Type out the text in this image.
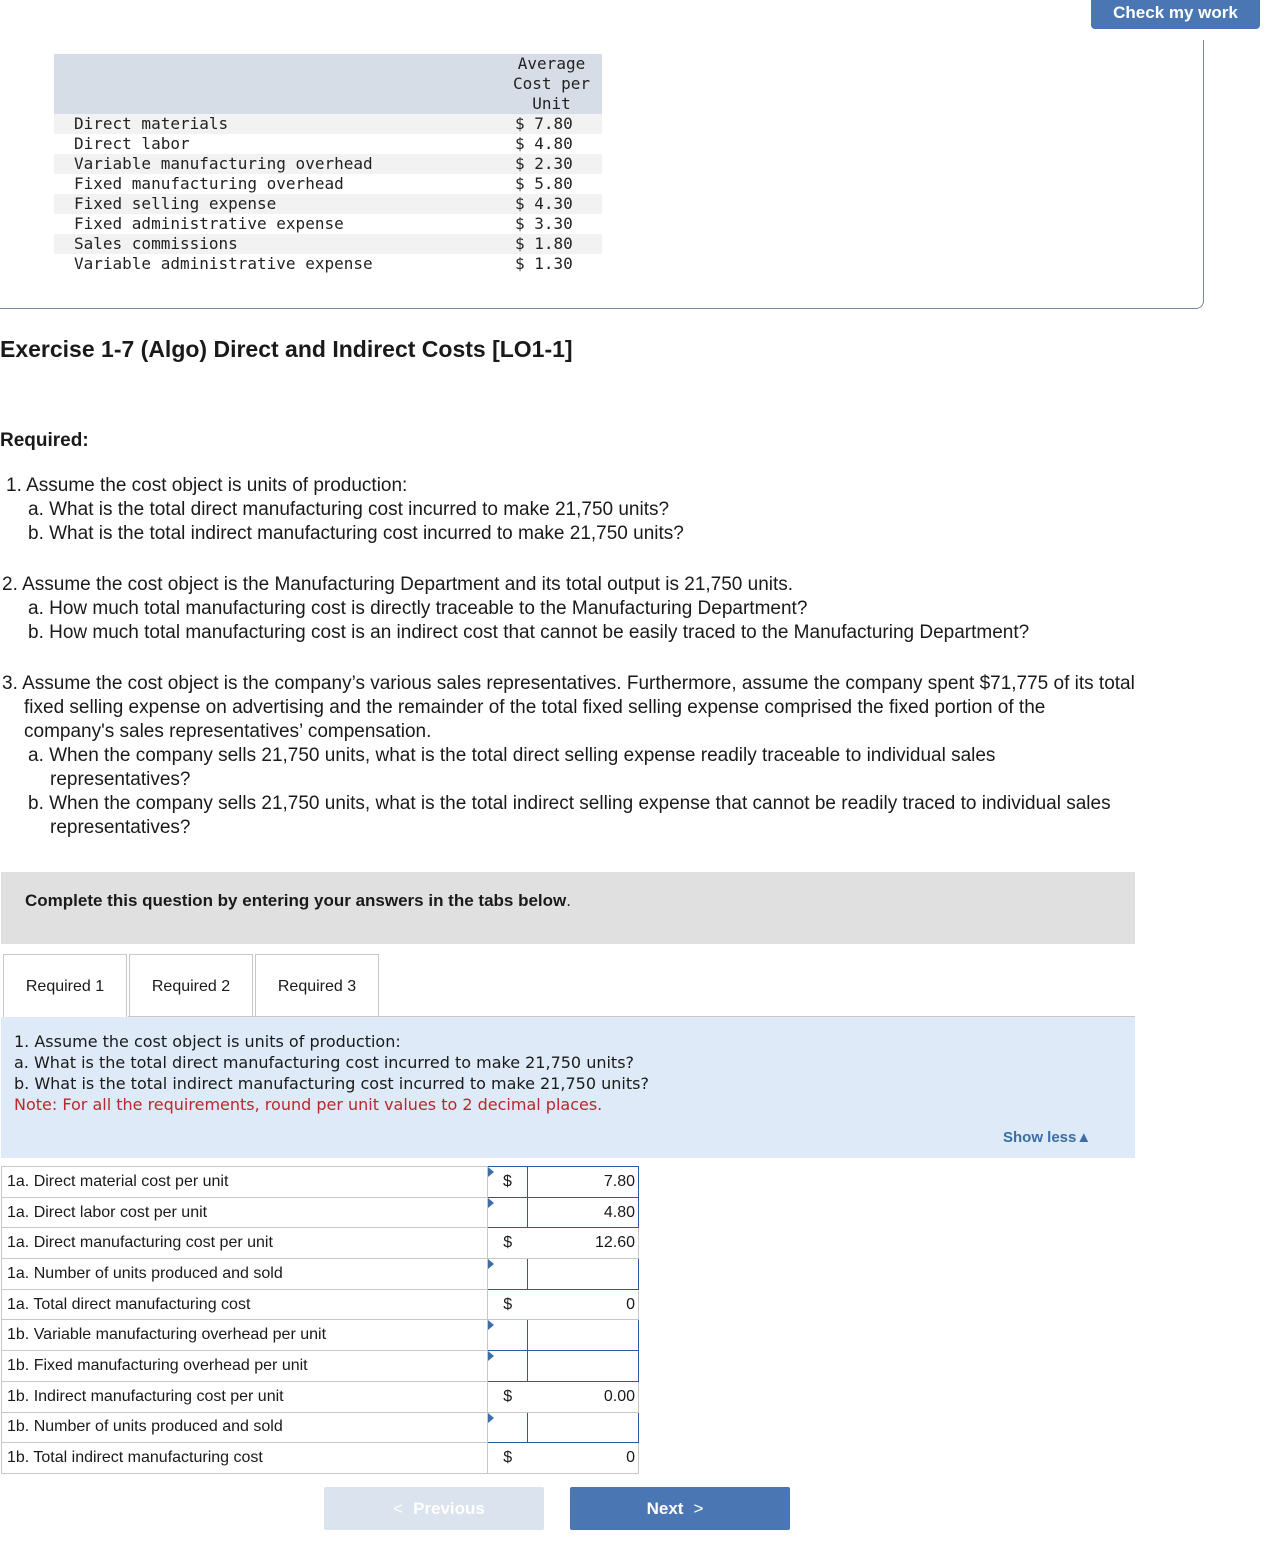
Check my work

	Average
Cost per
Unit

Direct materials	$ 7.80
Direct labor	$ 4.80
Variable manufacturing overhead	$ 2.30
Fixed manufacturing overhead	$ 5.80
Fixed selling expense	$ 4.30
Fixed administrative expense	$ 3.30
Sales commissions	$ 1.80
Variable administrative expense	$ 1.30
Exercise 1-7 (Algo) Direct and Indirect Costs [LO1-1]
Required:
1. Assume the cost object is units of production:
a. What is the total direct manufacturing cost incurred to make 21,750 units?
b. What is the total indirect manufacturing cost incurred to make 21,750 units?
2. Assume the cost object is the Manufacturing Department and its total output is 21,750 units.
a. How much total manufacturing cost is directly traceable to the Manufacturing Department?
b. How much total manufacturing cost is an indirect cost that cannot be easily traced to the Manufacturing Department?
3. Assume the cost object is the company’s various sales representatives. Furthermore, assume the company spent $71,775 of its total
fixed selling expense on advertising and the remainder of the total fixed selling expense comprised the fixed portion of the
company's sales representatives’ compensation.
a. When the company sells 21,750 units, what is the total direct selling expense readily traceable to individual sales
representatives?
b. When the company sells 21,750 units, what is the total indirect selling expense that cannot be readily traced to individual sales
representatives?
Complete this question by entering your answers in the tabs below.
Required 1	Required 2	Required 3
1. Assume the cost object is units of production:
a. What is the total direct manufacturing cost incurred to make 21,750 units?
b. What is the total indirect manufacturing cost incurred to make 21,750 units?
Note: For all the requirements, round per unit values to 2 decimal places.
Show less▲
1a. Direct material cost per unit	$	7.80
1a. Direct labor cost per unit		4.80
1a. Direct manufacturing cost per unit	$	12.60
1a. Number of units produced and sold	

1a. Total direct manufacturing cost	$	0
1b. Variable manufacturing overhead per unit	

1b. Fixed manufacturing overhead per unit	

1b. Indirect manufacturing cost per unit	$	0.00
1b. Number of units produced and sold	

1b. Total indirect manufacturing cost	$	0
< Previous	Next >
